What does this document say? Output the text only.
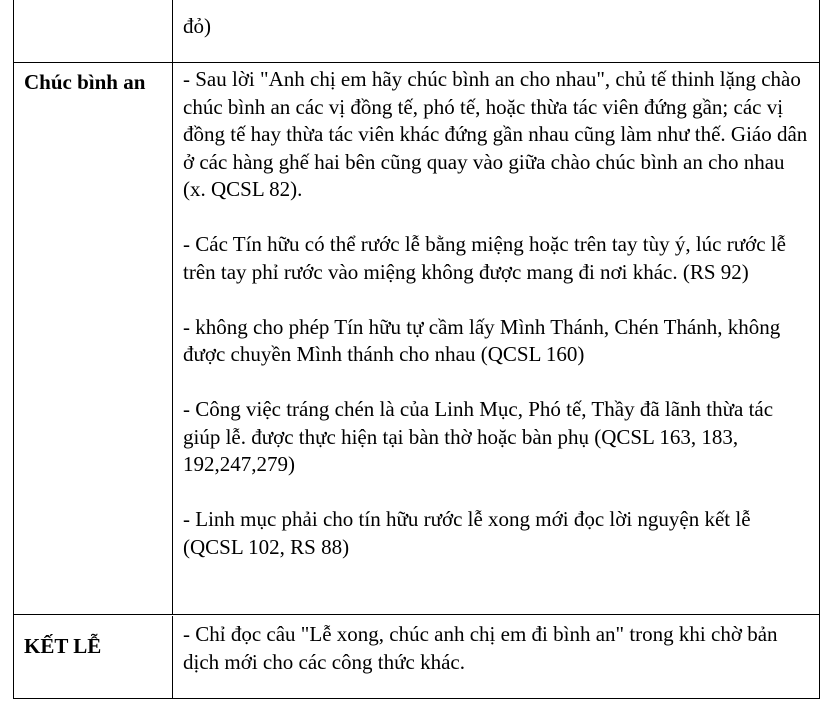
đỏ)

Chúc bình an	- Sau lời "Anh chị em hãy chúc bình an cho nhau", chủ tế thinh lặng chào chúc bình an các vị đồng tế, phó tế, hoặc thừa tác viên đứng gần; các vị đồng tế hay thừa tác viên khác đứng gần nhau cũng làm như thế. Giáo dân ở các hàng ghế hai bên cũng quay vào giữa chào chúc bình an cho nhau (x. QCSL 82).

- Các Tín hữu có thể rước lễ bằng miệng hoặc trên tay tùy ý, lúc rước lễ trên tay phỉ rước vào miệng không được mang đi nơi khác. (RS 92)

- không cho phép Tín hữu tự cầm lấy Mình Thánh, Chén Thánh, không được chuyền Mình thánh cho nhau (QCSL 160)

- Công việc tráng chén là của Linh Mục, Phó tế, Thầy đã lãnh thừa tác giúp lễ. được thực hiện tại bàn thờ hoặc bàn phụ (QCSL 163, 183, 192,247,279)

- Linh mục phải cho tín hữu rước lễ xong mới đọc lời nguyện kết lễ (QCSL 102, RS 88)

KẾT LỄ	- Chỉ đọc câu "Lễ xong, chúc anh chị em đi bình an" trong khi chờ bản dịch mới cho các công thức khác.
